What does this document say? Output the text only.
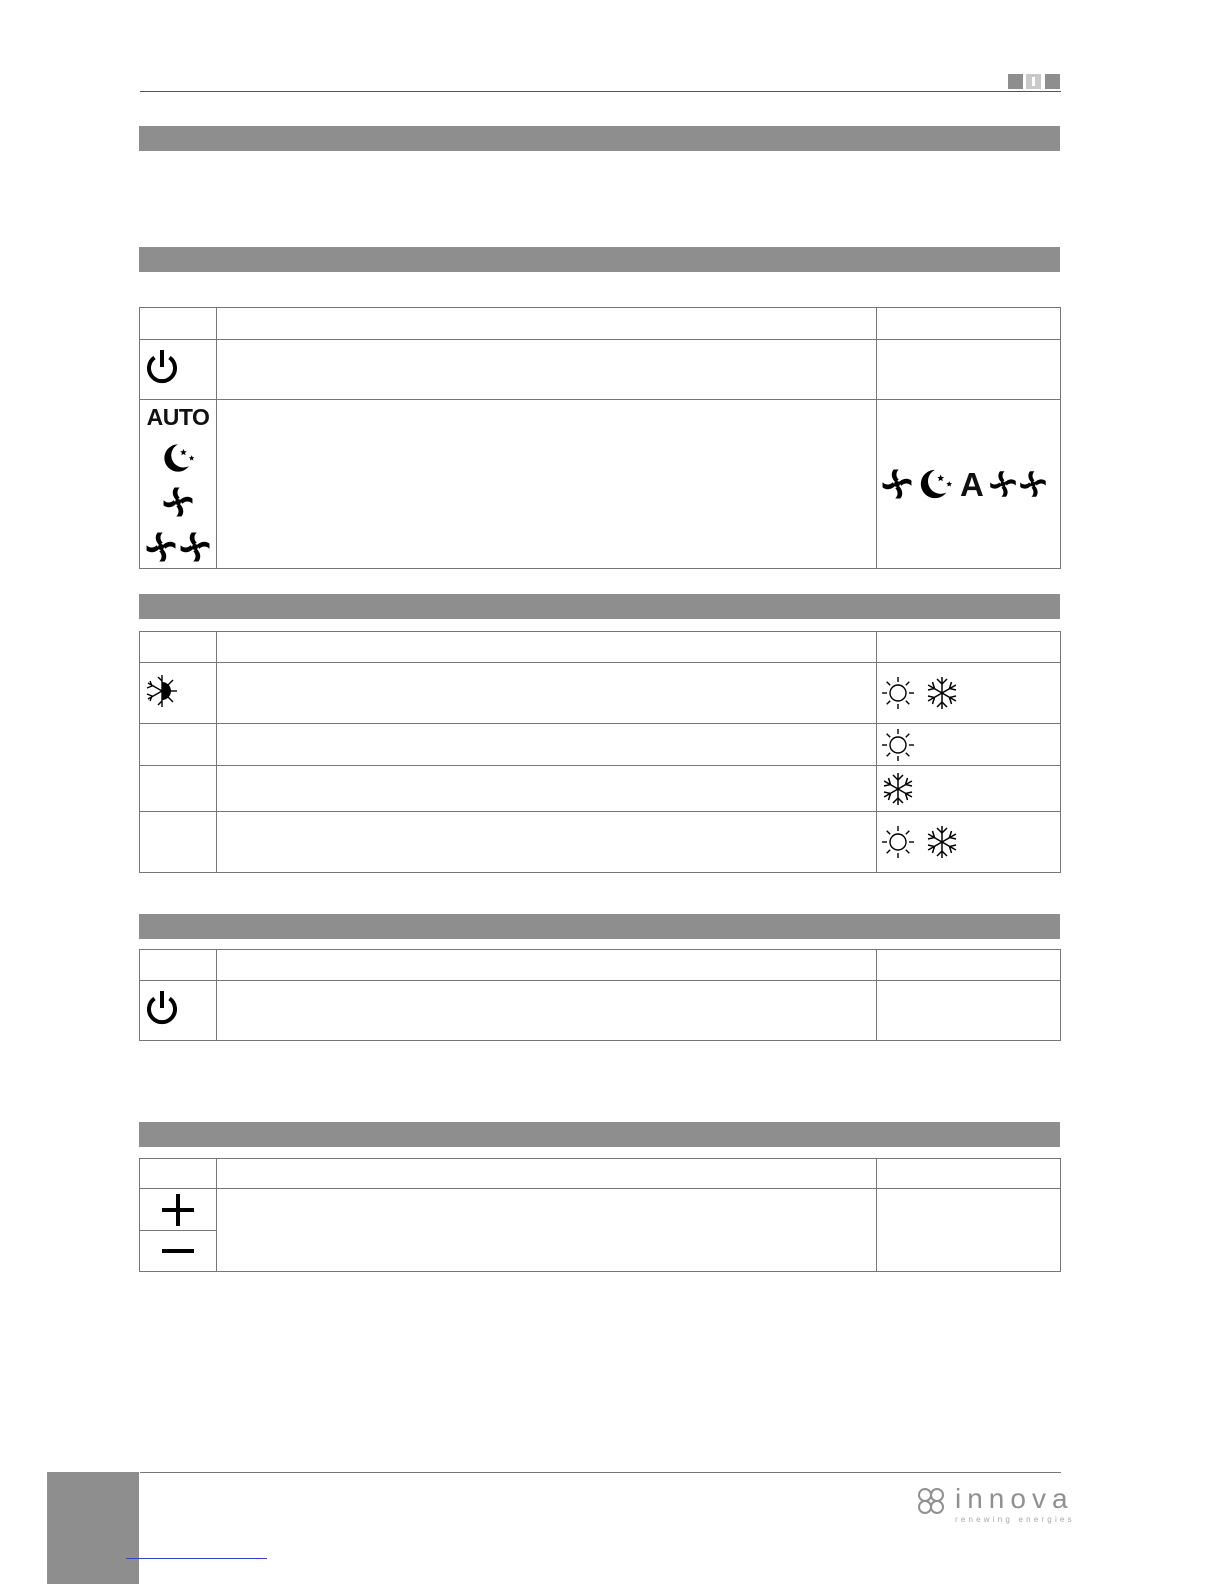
AUTO		A

innova
renewing energies
